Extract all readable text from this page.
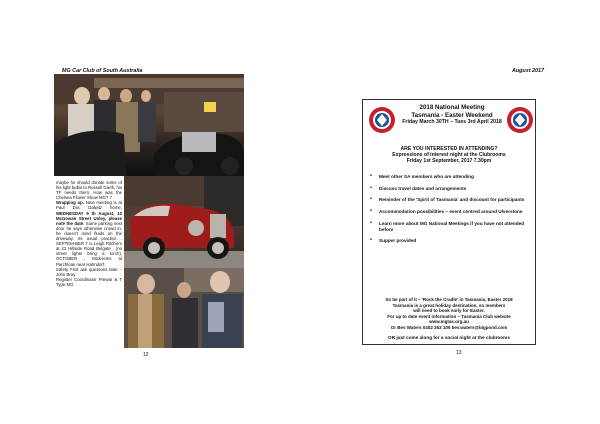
MG Car Club of South Australia	August 2017
maybe he should donate some of his light bulbs to Russell Garth, his TF needs them. How was the Chelsea Flower Show MG? ?
Wrapping up. Next meeting is at Paul Doc Dalwitz home, WEDNESDAY 9 th August, 10 McGowan Street Unley, please note the date. Some parking next door he says otherwise crowd in, he doesn't mind fluids on the driveway. its usual practice . SEPTEM-BER 7 is Leigh Ritchie's at 21 Hillside Road Belgate , (no street lights bring a torch), OCTOBER , Mick-lems at Parchloan near Hahndorf.
Safety First ask questions later. - John Bray
Register Coordinator Prewar & T Type MG
12
2018 National Meeting
Tasmania - Easter Weekend
Friday March 30TH – Tues 3rd April 2018
ARE YOU INTERESTED IN ATTENDING?
Expressions of interest night at the Clubrooms
Friday 1st September, 2017 7.30pm
• Meet other SA members who are attending
• Discuss travel dates and arrangements
• Reminder of the 'Spirit of Tasmania' and discount for participants
• Accommodation possibilities – event centred around Ulverstone
• Learn more about MG National Meetings if you have not attended before
• Supper provided
So be part of it – 'Rock the Cradle' in Tasmania, Easter 2018
Tasmania is a great holiday destination, so members
will need to book early for Easter.
For up to date event information – Tasmania Club website
www.mgtas.org.au
Or Bev Waters 0402 263 105 bev.waters@bigpond.com
OR just come along for a social night at the clubrooms
13
